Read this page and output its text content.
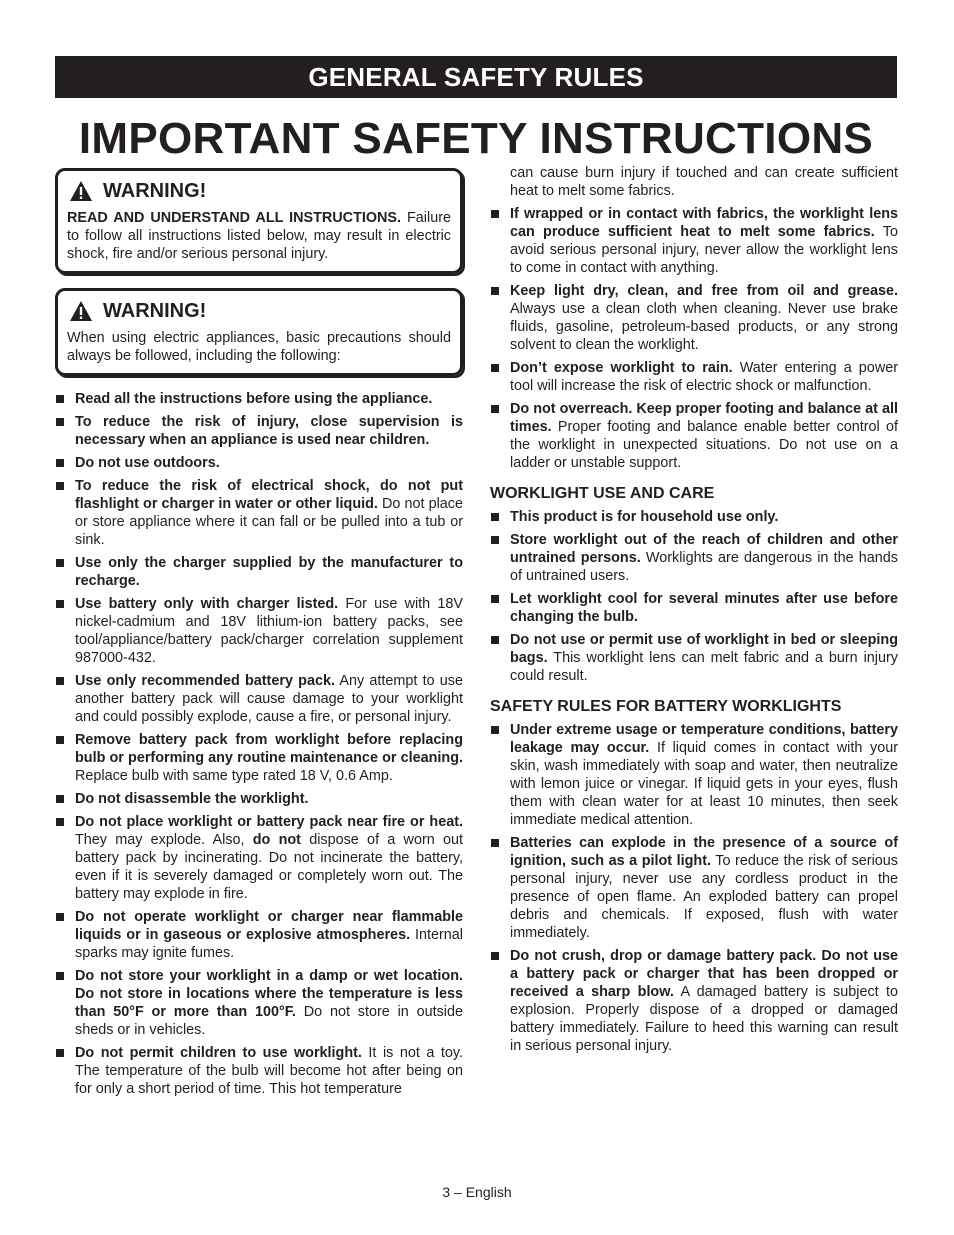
GENERAL SAFETY RULES
IMPORTANT SAFETY INSTRUCTIONS
WARNING!
READ AND UNDERSTAND ALL INSTRUCTIONS. Failure to follow all instructions listed below, may result in electric shock, fire and/or serious personal injury.
WARNING!
When using electric appliances, basic precautions should always be followed, including the following:
Read all the instructions before using the appliance.
To reduce the risk of injury, close supervision is necessary when an appliance is used near children.
Do not use outdoors.
To reduce the risk of electrical shock, do not put flashlight or charger in water or other liquid. Do not place or store appliance where it can fall or be pulled into a tub or sink.
Use only the charger supplied by the manufacturer to recharge.
Use battery only with charger listed. For use with 18V nickel-cadmium and 18V lithium-ion battery packs, see tool/appliance/battery pack/charger correlation supplement 987000-432.
Use only recommended battery pack. Any attempt to use another battery pack will cause damage to your worklight and could possibly explode, cause a fire, or personal injury.
Remove battery pack from worklight before replacing bulb or performing any routine maintenance or cleaning. Replace bulb with same type rated 18 V, 0.6 Amp.
Do not disassemble the worklight.
Do not place worklight or battery pack near fire or heat. They may explode. Also, do not dispose of a worn out battery pack by incinerating. Do not incinerate the battery, even if it is severely damaged or completely worn out. The battery may explode in fire.
Do not operate worklight or charger near flammable liquids or in gaseous or explosive atmospheres. Internal sparks may ignite fumes.
Do not store your worklight in a damp or wet location. Do not store in locations where the temperature is less than 50°F or more than 100°F. Do not store in outside sheds or in vehicles.
Do not permit children to use worklight. It is not a toy. The temperature of the bulb will become hot after being on for only a short period of time. This hot temperature
can cause burn injury if touched and can create sufficient heat to melt some fabrics.
If wrapped or in contact with fabrics, the worklight lens can produce sufficient heat to melt some fabrics. To avoid serious personal injury, never allow the worklight lens to come in contact with anything.
Keep light dry, clean, and free from oil and grease. Always use a clean cloth when cleaning. Never use brake fluids, gasoline, petroleum-based products, or any strong solvent to clean the worklight.
Don’t expose worklight to rain. Water entering a power tool will increase the risk of electric shock or malfunction.
Do not overreach. Keep proper footing and balance at all times. Proper footing and balance enable better control of the worklight in unexpected situations. Do not use on a ladder or unstable support.
WORKLIGHT USE AND CARE
This product is for household use only.
Store worklight out of the reach of children and other untrained persons. Worklights are dangerous in the hands of untrained users.
Let worklight cool for several minutes after use before changing the bulb.
Do not use or permit use of worklight in bed or sleeping bags. This worklight lens can melt fabric and a burn injury could result.
SAFETY RULES FOR BATTERY WORKLIGHTS
Under extreme usage or temperature conditions, battery leakage may occur. If liquid comes in contact with your skin, wash immediately with soap and water, then neutralize with lemon juice or vinegar. If liquid gets in your eyes, flush them with clean water for at least 10 minutes, then seek immediate medical attention.
Batteries can explode in the presence of a source of ignition, such as a pilot light. To reduce the risk of serious personal injury, never use any cordless product in the presence of open flame. An exploded battery can propel debris and chemicals. If exposed, flush with water immediately.
Do not crush, drop or damage battery pack. Do not use a battery pack or charger that has been dropped or received a sharp blow. A damaged battery is subject to explosion. Properly dispose of a dropped or damaged battery immediately. Failure to heed this warning can result in serious personal injury.
3 – English
